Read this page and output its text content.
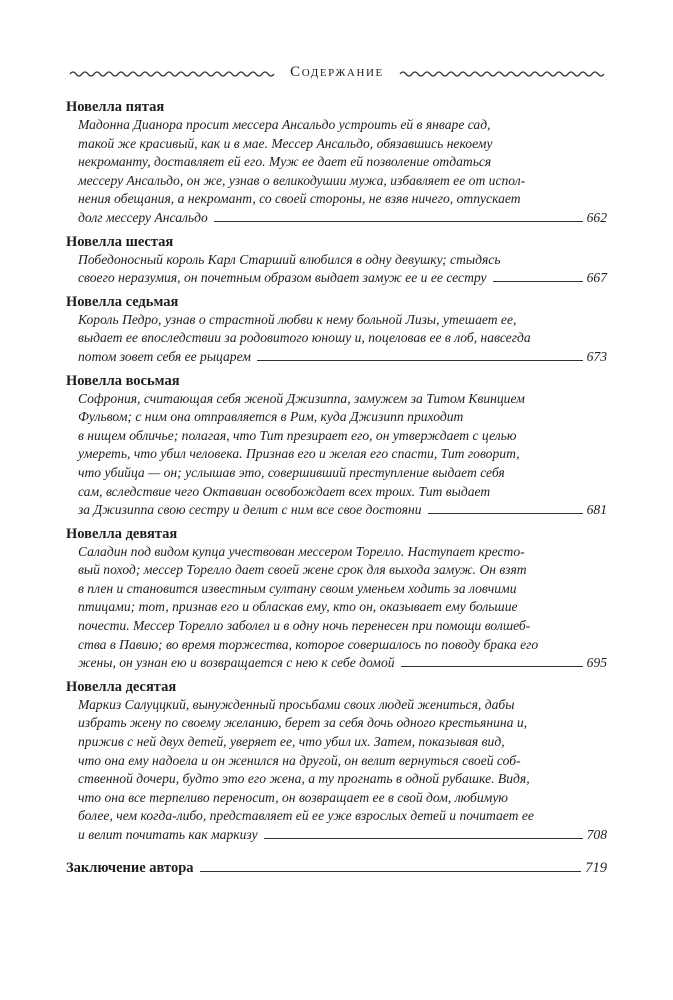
Содержание
Новелла пятая
Мадонна Дианора просит мессера Ансальдо устроить ей в январе сад,
такой же красивый, как и в мае. Мессер Ансальдо, обязавшись некоему
некроманту, доставляет ей его. Муж ее дает ей позволение отдаться
мессеру Ансальдо, он же, узнав о великодушии мужа, избавляет ее от испол-
нения обещания, а некромант, со своей стороны, не взяв ничего, отпускает
долг мессеру Ансальдо	662
Новелла шестая
Победоносный король Карл Старший влюбился в одну девушку; стыдясь
своего неразумия, он почетным образом выдает замуж ее и ее сестру	667
Новелла седьмая
Король Педро, узнав о страстной любви к нему больной Лизы, утешает ее,
выдает ее впоследствии за родовитого юношу и, поцеловав ее в лоб, навсегда
потом зовет себя ее рыцарем	673
Новелла восьмая
Софрония, считающая себя женой Джизиппа, замужем за Титом Квинцием
Фульвом; с ним она отправляется в Рим, куда Джизипп приходит
в нищем обличье; полагая, что Тит презирает его, он утверждает с целью
умереть, что убил человека. Признав его и желая его спасти, Тит говорит,
что убийца — он; услышав это, совершивший преступление выдает себя
сам, вследствие чего Октавиан освобождает всех троих. Тит выдает
за Джизиппа свою сестру и делит с ним все свое достояни	681
Новелла девятая
Саладин под видом купца учествован мессером Торелло. Наступает кресто-
вый поход; мессер Торелло дает своей жене срок для выхода замуж. Он взят
в плен и становится известным султану своим уменьем ходить за ловчими
птицами; тот, признав его и обласкав ему, кто он, оказывает ему большие
почести. Мессер Торелло заболел и в одну ночь перенесен при помощи волшеб-
ства в Павию; во время торжества, которое совершалось по поводу брака его
жены, он узнан ею и возвращается с нею к себе домой	695
Новелла десятая
Маркиз Салуццкий, вынужденный просьбами своих людей жениться, дабы
избрать жену по своему желанию, берет за себя дочь одного крестьянина и,
прижив с ней двух детей, уверяет ее, что убил их. Затем, показывая вид,
что она ему надоела и он женился на другой, он велит вернуться своей соб-
ственной дочери, будто это его жена, а ту прогнать в одной рубашке. Видя,
что она все терпеливо переносит, он возвращает ее в свой дом, любимую
более, чем когда-либо, представляет ей ее уже взрослых детей и почитает ее
и велит почитать как маркизу	708
Заключение автора	719
